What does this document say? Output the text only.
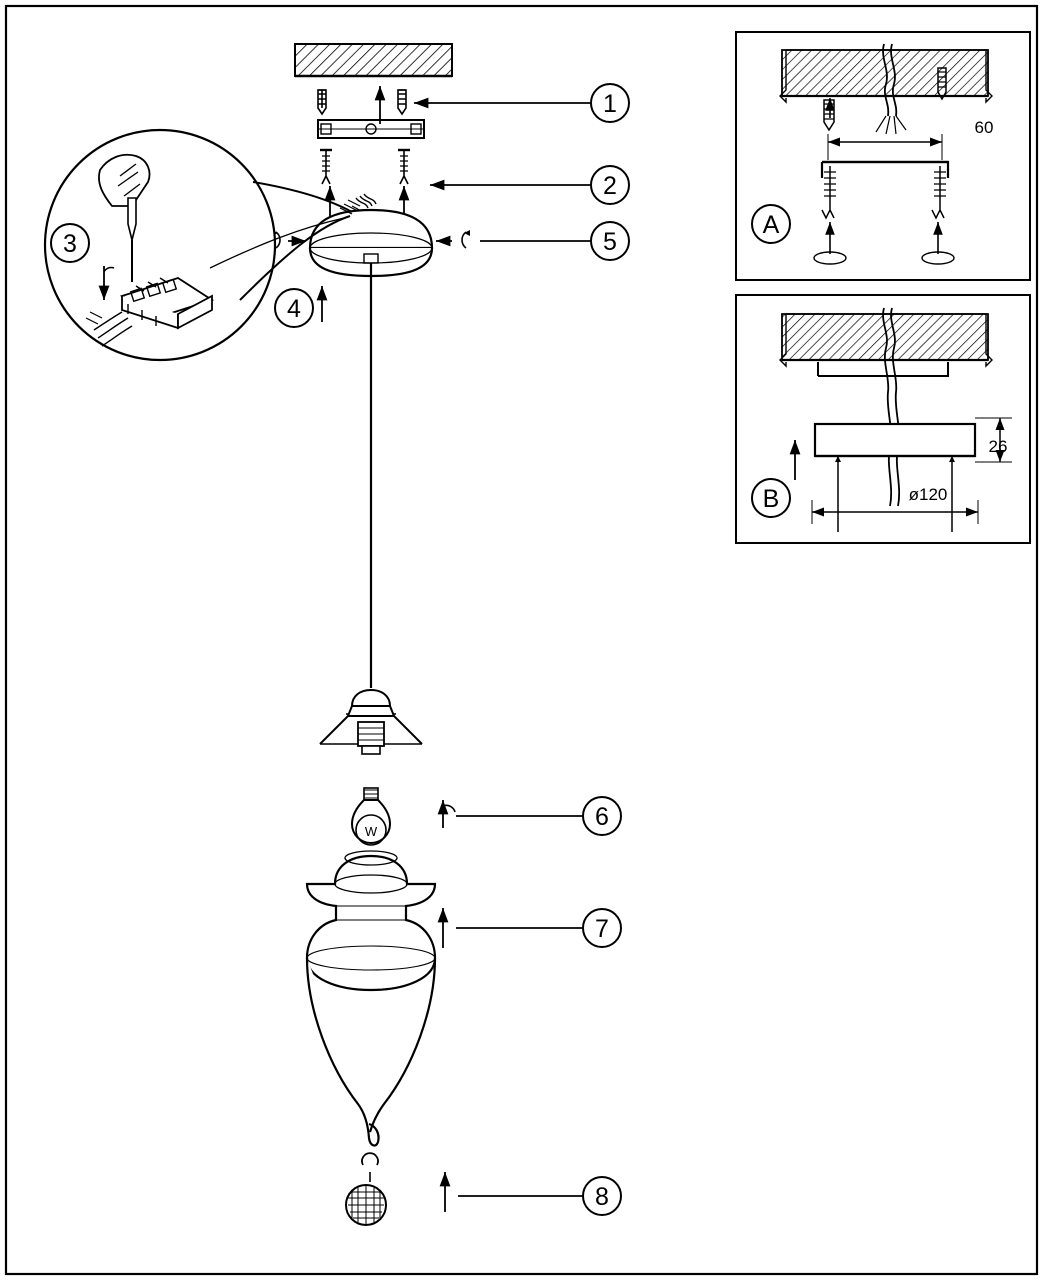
W
1
2
5
3
4
6
7
8
60
A
26
ø120
B
